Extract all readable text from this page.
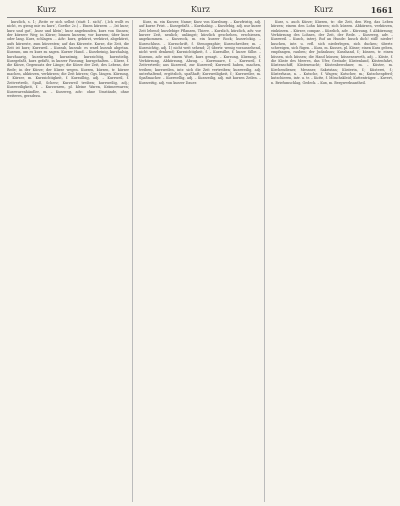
Kurz	Kurz	Kurz	1661

kurzlich, s. 1; ‚Reite er sich selbst (statt 1. sich)‘. (‚Ich wollt es nicht, es gieng mir zu kurz‘, Goethe 2c.) – Einen kürzern ... ‚Ist kurz; kurz und gut‘, ‚kurz und klein‘; kurz angebunden, kurz von Sinnen; der kürzere Weg; in Kürze; binnen kurzem; vor kurzem; über kurz oder lang. Kurz, schlagen ... Adv.: kurz, gekürzt, verkürzt, abgekürzt, aufs kürzeste, zum kürzesten; auf das Kürzeste. Kurze, die Zeit, die Zeit ist kurz; Kurzweil. – Kurzab, kurzab: es ward kurzab abgetan. Kurzum, um es kurz zu sagen. Kurzer Hand. – Kurzbeinig, kurzhalsig, kurzhaarig, kurzärmelig, kurzatmig, kurzsichtig, kurzstielig. Kurzgefaßt, kurz gefaßt, in kurzer Fassung; kurzgehalten. – Kürze, f. die Kürze, Gegensatz der Länge; die Kürze der Zeit, des Lebens, der Rede; in der Kürze; der Kürze wegen. Kurzen, kürzen, tr. kürzer machen, abkürzen, verkürzen; die Zeit kürzen; Ggs. längen. Kürzung, f. Kürzer, m. Kurzsichtigkeit, f. Kurzsilbig, adj. – Kurzweil, f. Zeitvertreib, Spaß, Scherz; Kurzweil treiben; kurzweilig, adj.; Kurzweiligkeit, f. – Kurzwaren, pl. kleine Waren, Krämerwaren; Kurzwarenhändler, m. – Kurzweg, adv.: ohne Umstände, ohne weiteres, geradezu.

Kurz, m. ein Kurzer, Name; Kurz von Kurzburg. – Kurzfristig, adj. auf kurze Frist. – Kurzgefaßt. – Kurzhalsig. – Kurzlebig, adj. nur kurze Zeit lebend; kurzlebige Pflanzen, Thiere. – Kurzlich, kürzlich, adv. vor kurzer Zeit, neulich; unlängst; kürzlich geschehen, erschienen, angekommen. – Kurzrock, m. ein kurzer Rock; kurzröckig. – Kurzschluss. – Kurzschrift, f. Stenographie; Kurzschreiber, m. – Kurzsichtig, adj. 1) nicht weit sehend; 2) übertr. wenig voraussehend, nicht weit denkend; Kurzsichtigkeit, f. – Kurzsilbe, f. kurze Silbe. – Kurzum, adv. mit einem Wort, kurz gesagt. – Kurzung, Kürzung, f. Verkürzung, Abkürzung, Abzug. – Kurzwaare, f. – Kurzweil, f. Zeitvertreib; aus Kurzweil, zur Kurzweil; Kurzweil haben, machen, treiben; kurzweilen, intr. sich die Zeit vertreiben; kurzweilig, adj. unterhaltend, ergötzlich, spaßhaft; Kurzweiligkeit, f.; Kurzweiler, m. Spaßmacher. – Kurzwellig, adj. – Kurzzeilig, adj. mit kurzen Zeilen. – Kurzzeitig, adj. von kurzer Dauer.

Kurz, s. auch Kürze; Kürzen, tr.: die Zeit, den Weg, das Leben kürzen; einem den Lohn kürzen; sich kürzen. Abkürzen, verkürzen, einkürzen. – Kürzer, compar. – Kürzlich, adv. – Kürzung, f. Abkürzung; Verkürzung des Lohnes, der Zeit, der Rede. – Kurzweg, adv. – Kurzweil. – Kusch, interj. Ruf an Hunde: kusch dich! still! nieder! kuschen, intr. u. refl. sich niederlegen, sich ducken; übertr. schweigen, sich fügen. – Kuss, m. Kusses, pl. Küsse; einen Kuss geben, empfangen, rauben; der Judaskuss; Kusshand, f.; küssen, tr. einen küssen, sich küssen; die Hand küssen; küssenswerth, adj. – Küste, f. die Küste des Meeres, das Ufer, Gestade; Küstenland, Küstenfahrt, Küstenschiff, Küstenwacht; Küstenbewohner, m. – Küster, m. Kirchendiener, Messner, Sakristan; Küsterin, f.; Küsterei, f.; Küsterhaus, n. – Kutsche, f. Wagen; Kutscher, m.; Kutschenpferd; kutschieren, intr. u. tr. – Kutte, f. Mönchskleid; Kuttenträger. – Kuvert, n. Briefumschlag, Gedeck. – Kux, m. Bergwerksantheil.
